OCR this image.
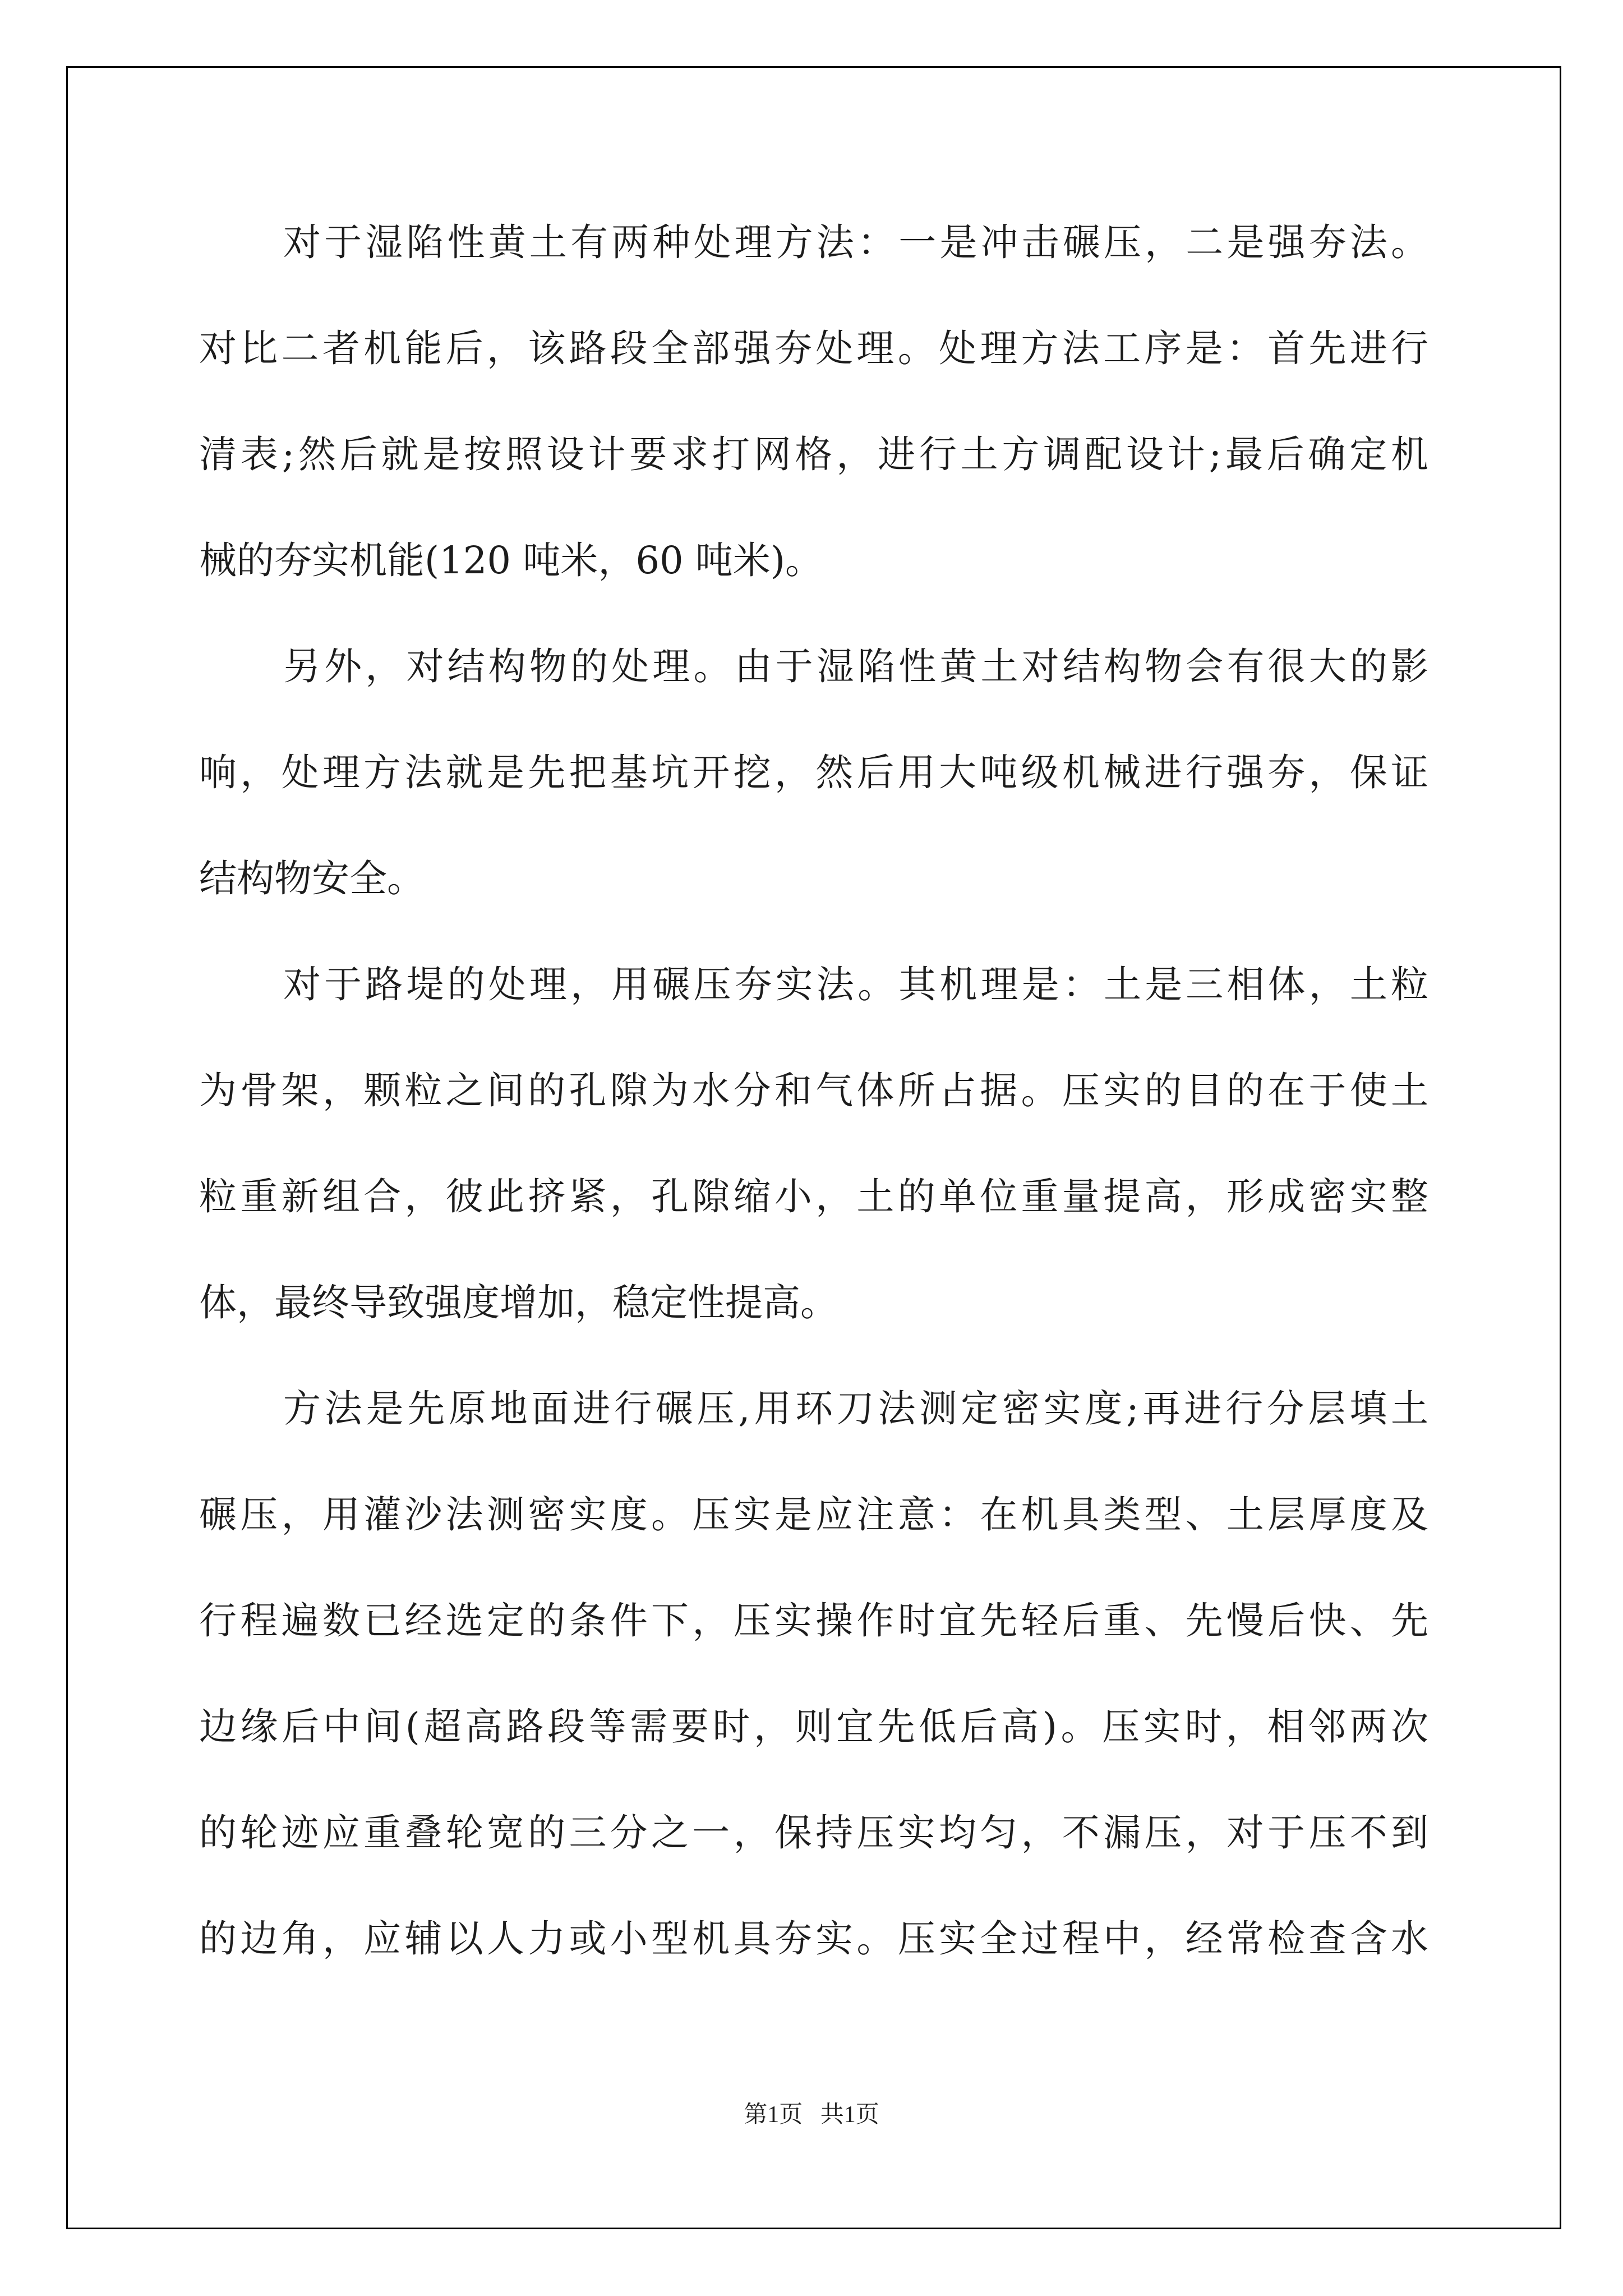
对于湿陷性黄土有两种处理方法：一是冲击碾压，二是强夯法。
对比二者机能后，该路段全部强夯处理。处理方法工序是：首先进行
清表;然后就是按照设计要求打网格，进行土方调配设计;最后确定机
械的夯实机能(120 吨米，60 吨米)。
另外，对结构物的处理。由于湿陷性黄土对结构物会有很大的影
响，处理方法就是先把基坑开挖，然后用大吨级机械进行强夯，保证
结构物安全。
对于路堤的处理，用碾压夯实法。其机理是：土是三相体，土粒
为骨架，颗粒之间的孔隙为水分和气体所占据。压实的目的在于使土
粒重新组合，彼此挤紧，孔隙缩小，土的单位重量提高，形成密实整
体，最终导致强度增加，稳定性提高。
方法是先原地面进行碾压,用环刀法测定密实度;再进行分层填土
碾压，用灌沙法测密实度。压实是应注意：在机具类型、土层厚度及
行程遍数已经选定的条件下，压实操作时宜先轻后重、先慢后快、先
边缘后中间(超高路段等需要时，则宜先低后高)。压实时，相邻两次
的轮迹应重叠轮宽的三分之一，保持压实均匀，不漏压，对于压不到
的边角，应辅以人力或小型机具夯实。压实全过程中，经常检查含水
第1页   共1页
